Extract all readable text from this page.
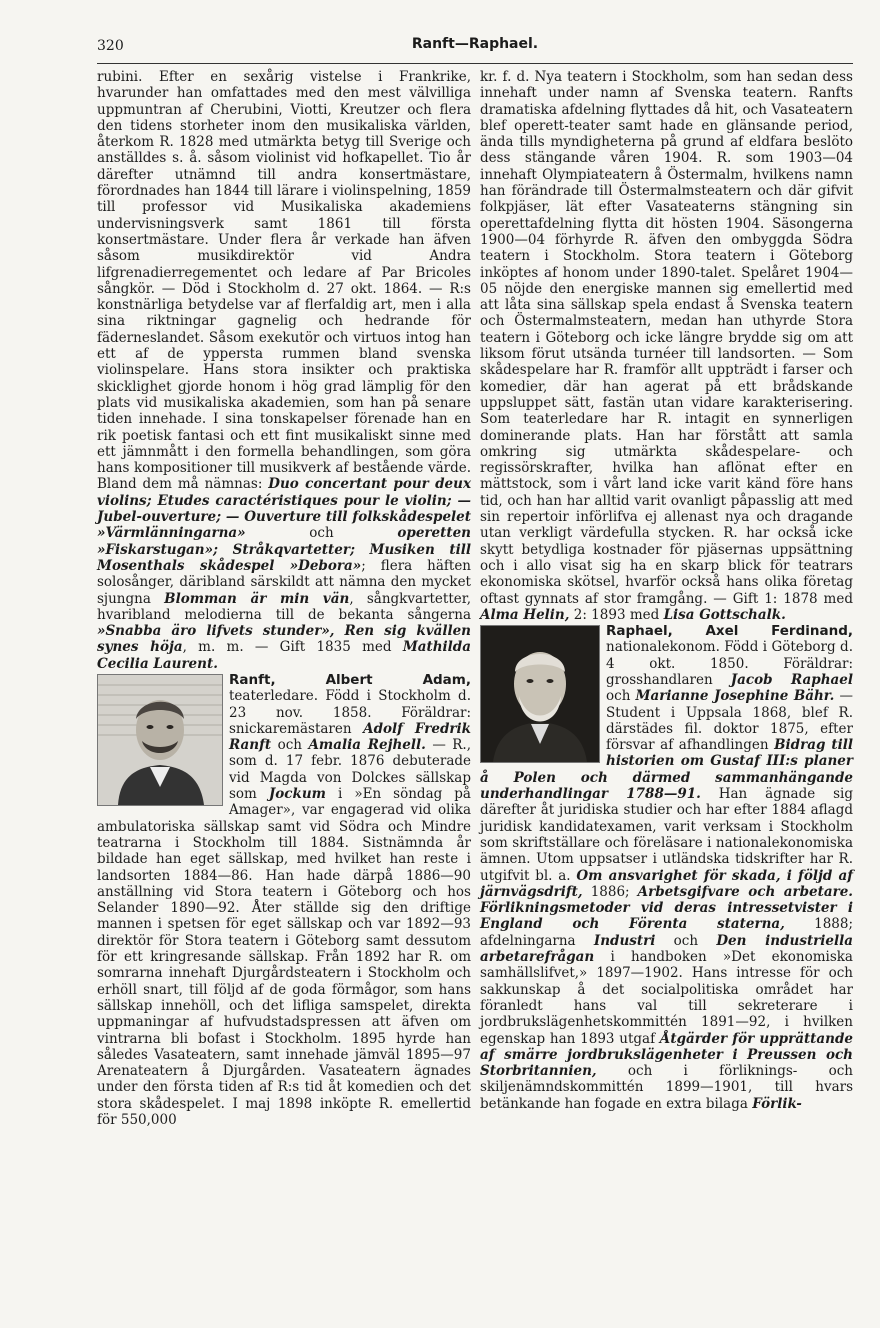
320	Ranft—Raphael.

rubini. Efter en sexårig vistelse i Frankrike, hvarunder han omfattades med den mest välvilliga uppmuntran af Cherubini, Viotti, Kreutzer och flera den tidens storheter inom den musikaliska världen, återkom R. 1828 med utmärkta betyg till Sverige och anställdes s. å. såsom violinist vid hofkapellet. Tio år därefter utnämnd till andra konsertmästare, förordnades han 1844 till lärare i violinspelning, 1859 till professor vid Musikaliska akademiens undervisningsverk samt 1861 till första konsertmästare. Under flera år verkade han äfven såsom musikdirektör vid Andra lifgrenadierregementet och ledare af Par Bricoles sångkör. — Död i Stockholm d. 27 okt. 1864. — R:s konstnärliga betydelse var af flerfaldig art, men i alla sina riktningar gagnelig och hedrande för fäderneslandet. Såsom exekutör och virtuos intog han ett af de yppersta rummen bland svenska violinspelare. Hans stora insikter och praktiska skicklighet gjorde honom i hög grad lämplig för den plats vid musikaliska akademien, som han på senare tiden innehade. I sina tonskapelser förenade han en rik poetisk fantasi och ett fint musikaliskt sinne med ett jämnmått i den formella behandlingen, som göra hans kompositioner till musikverk af bestående värde. Bland dem må nämnas: Duo concertant pour deux violins; Etudes caractéristiques pour le violin; — Jubel-ouverture; — Ouverture till folkskådespelet »Värmlänningarna»	och	operetten »Fiskarstugan»; Stråkqvartetter; Musiken till Mosenthals skådespel »Debora»; flera häften solosånger, däribland särskildt att nämna den mycket sjungna Blomman är min vän, sångkvartetter, hvaribland melodierna till de bekanta sångerna »Snabba äro lifvets stunder», Ren sig kvällen synes höja, m. m. — Gift 1835 med Mathilda Cecilia Laurent.

Ranft, Albert Adam,
teaterledare. Född i Stockholm d. 23 nov. 1858. Föräldrar: snickaremästaren Adolf Fredrik Ranft och Amalia Rejhell. — R., som d. 17 febr. 1876 debuterade vid Magda von Dolckes sällskap som Jockum i »En söndag på Amager», var engagerad vid olika ambulatoriska sällskap samt vid Södra och Mindre teatrarna i Stockholm till 1884. Sistnämnda år bildade han eget sällskap, med hvilket han reste i landsorten 1884—86. Han hade därpå 1886—90 anställning vid Stora teatern i Göteborg och hos Selander 1890—92. Åter ställde sig den driftige mannen i spetsen för eget sällskap och var 1892—93 direktör för Stora teatern i Göteborg samt dessutom för ett kringresande sällskap. Från 1892 har R. om somrarna innehaft Djurgårdsteatern i Stockholm och erhöll snart, till följd af de goda förmågor, som hans sällskap innehöll, och det lifliga samspelet, direkta uppmaningar af hufvudstadspressen att äfven om vintrarna bli bofast i Stockholm. 1895 hyrde han således Vasateatern, samt innehade jämväl 1895—97 Arenateatern å Djurgården. Vasateatern ägnades under den första tiden af R:s tid åt komedien och det stora skådespelet. I maj 1898 inköpte R. emellertid för 550,000

kr. f. d. Nya teatern i Stockholm, som han sedan dess innehaft under namn af Svenska teatern. Ranfts dramatiska afdelning flyttades då hit, och Vasateatern blef operett-teater samt hade en glänsande period, ända tills myndigheterna på grund af eldfara beslöto dess stängande våren 1904. R. som 1903—04 innehaft Olympiateatern å Östermalm, hvilkens namn han förändrade till Östermalmsteatern och där gifvit folkpjäser, lät efter Vasateaterns stängning sin operettafdelning flytta dit hösten 1904. Säsongerna 1900—04 förhyrde R. äfven den ombyggda Södra teatern i Stockholm. Stora teatern i Göteborg inköptes af honom under 1890-talet. Spelåret 1904—05 nöjde den energiske mannen sig emellertid med att låta sina sällskap spela endast å Svenska teatern och Östermalmsteatern, medan han uthyrde Stora teatern i Göteborg och icke längre brydde sig om att liksom förut utsända turnéer till landsorten. — Som skådespelare har R. framför allt uppträdt i farser och komedier, där han agerat på ett brådskande uppsluppet sätt, fastän utan vidare karakterisering. Som teaterledare har R. intagit en synnerligen dominerande plats. Han har förstått att samla omkring sig utmärkta skådespelare- och regissörskrafter, hvilka han aflönat efter en mättstock, som i vårt land icke varit känd före hans tid, och han har alltid varit ovanligt påpasslig att med sin repertoir införlifva ej allenast nya och dragande utan verkligt värdefulla stycken. R. har också icke skytt betydliga kostnader för pjäsernas uppsättning och i allo visat sig ha en skarp blick för teatrars ekonomiska skötsel, hvarför också hans olika företag oftast gynnats af stor framgång. — Gift 1: 1878 med Alma Helin, 2: 1893 med Lisa Gottschalk.

Raphael, Axel Ferdinand,
nationalekonom. Född i Göteborg d. 4 okt. 1850. Föräldrar: grosshandlaren Jacob Raphael och Marianne Josephine Bähr. — Student i Uppsala 1868, blef R. därstädes fil. doktor 1875, efter försvar af afhandlingen Bidrag till historien om Gustaf III:s planer å Polen och därmed sammanhängande underhandlingar 1788—91. Han ägnade sig därefter åt juridiska studier och har efter 1884 aflagd juridisk kandidatexamen, varit verksam i Stockholm som skriftställare och föreläsare i nationalekonomiska ämnen. Utom uppsatser i utländska tidskrifter har R. utgifvit bl. a. Om ansvarighet för skada, i följd af järnvägsdrift, 1886; Arbetsgifvare och arbetare. Förlikningsmetoder vid deras intressetvister i England och Förenta staterna, 1888; afdelningarna Industri och Den industriella arbetarefrågan i handboken »Det ekonomiska samhällslifvet,» 1897—1902. Hans intresse för och sakkunskap å det socialpolitiska området har föranledt hans val till sekreterare i jordbrukslägenhetskommittén 1891—92, i hvilken egenskap han 1893 utgaf Åtgärder för upprättande af smärre jordbrukslägenheter i Preussen och Storbritannien, och i förliknings- och skiljenämndskommittén 1899—1901, till hvars betänkande han fogade en extra bilaga Förlik-
